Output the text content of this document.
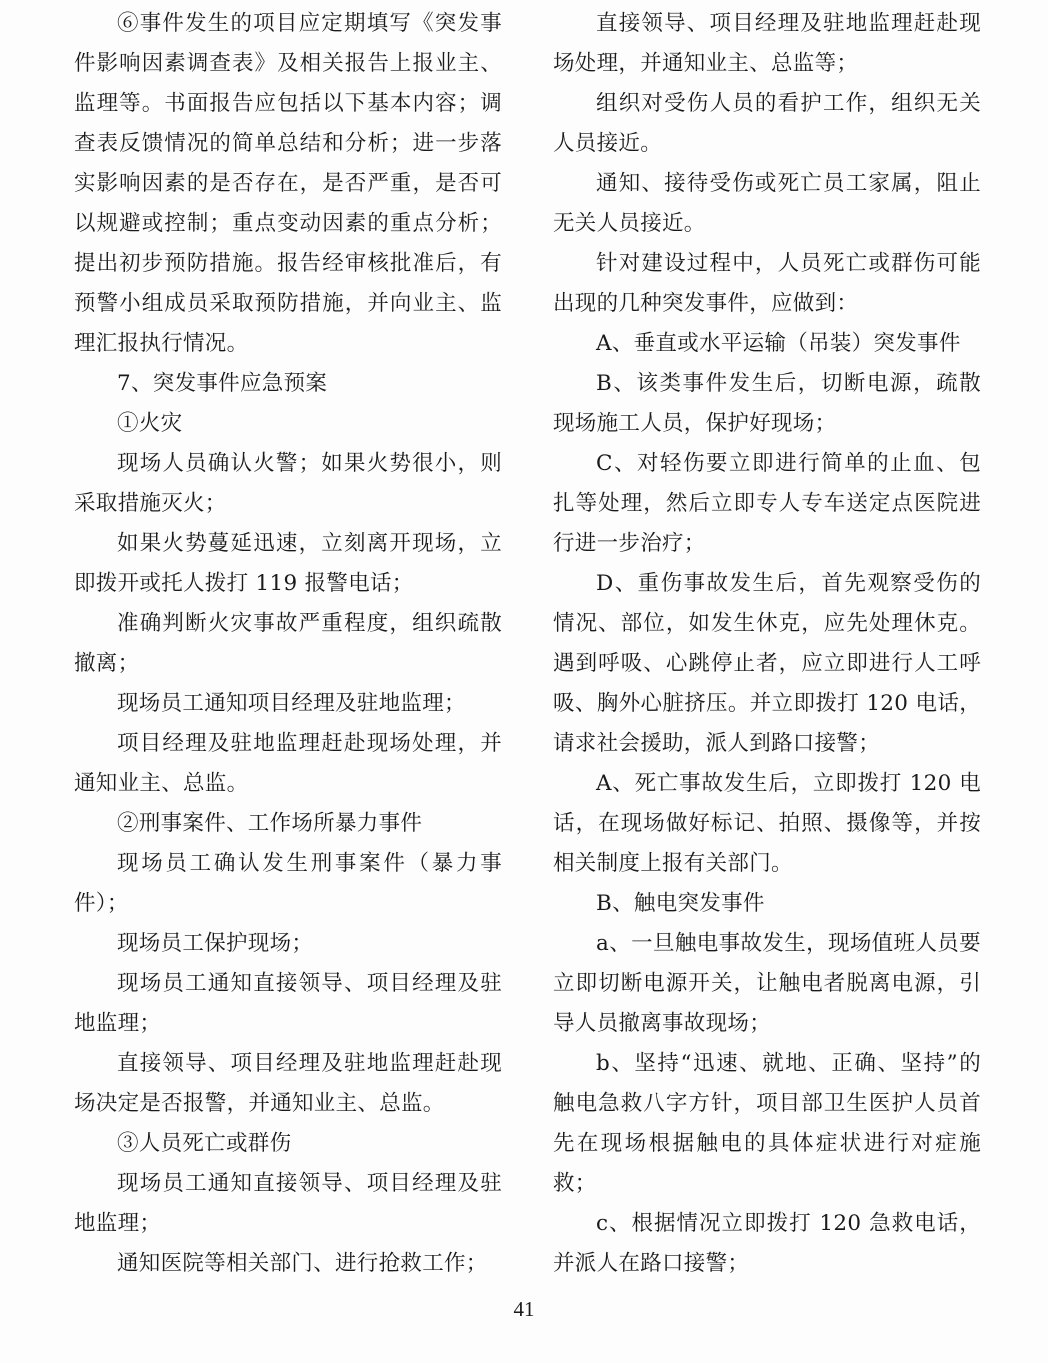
⑥事件发生的项目应定期填写《突发事件影响因素调查表》及相关报告上报业主、监理等。书面报告应包括以下基本内容；调查表反馈情况的简单总结和分析；进一步落实影响因素的是否存在，是否严重，是否可以规避或控制；重点变动因素的重点分析；提出初步预防措施。报告经审核批准后，有预警小组成员采取预防措施，并向业主、监理汇报执行情况。

7、突发事件应急预案

①火灾

现场人员确认火警；如果火势很小，则采取措施灭火；

如果火势蔓延迅速，立刻离开现场，立即拨开或托人拨打 119 报警电话；

准确判断火灾事故严重程度，组织疏散撤离；

现场员工通知项目经理及驻地监理；

项目经理及驻地监理赶赴现场处理，并通知业主、总监。

②刑事案件、工作场所暴力事件

现场员工确认发生刑事案件（暴力事件）；

现场员工保护现场；

现场员工通知直接领导、项目经理及驻地监理；

直接领导、项目经理及驻地监理赶赴现场决定是否报警，并通知业主、总监。

③人员死亡或群伤

现场员工通知直接领导、项目经理及驻地监理；

通知医院等相关部门、进行抢救工作；

直接领导、项目经理及驻地监理赶赴现场处理，并通知业主、总监等；

组织对受伤人员的看护工作，组织无关人员接近。

通知、接待受伤或死亡员工家属，阻止无关人员接近。

针对建设过程中，人员死亡或群伤可能出现的几种突发事件，应做到：

A、垂直或水平运输（吊装）突发事件

B、该类事件发生后，切断电源，疏散现场施工人员，保护好现场；

C、对轻伤要立即进行简单的止血、包扎等处理，然后立即专人专车送定点医院进行进一步治疗；

D、重伤事故发生后，首先观察受伤的情况、部位，如发生休克，应先处理休克。遇到呼吸、心跳停止者，应立即进行人工呼吸、胸外心脏挤压。并立即拨打 120 电话，请求社会援助，派人到路口接警；

A、死亡事故发生后，立即拨打 120 电话，在现场做好标记、拍照、摄像等，并按相关制度上报有关部门。

B、触电突发事件

a、一旦触电事故发生，现场值班人员要立即切断电源开关，让触电者脱离电源，引导人员撤离事故现场；

b、坚持“迅速、就地、正确、坚持”的触电急救八字方针，项目部卫生医护人员首先在现场根据触电的具体症状进行对症施救；

c、根据情况立即拨打 120 急救电话，并派人在路口接警；

41
